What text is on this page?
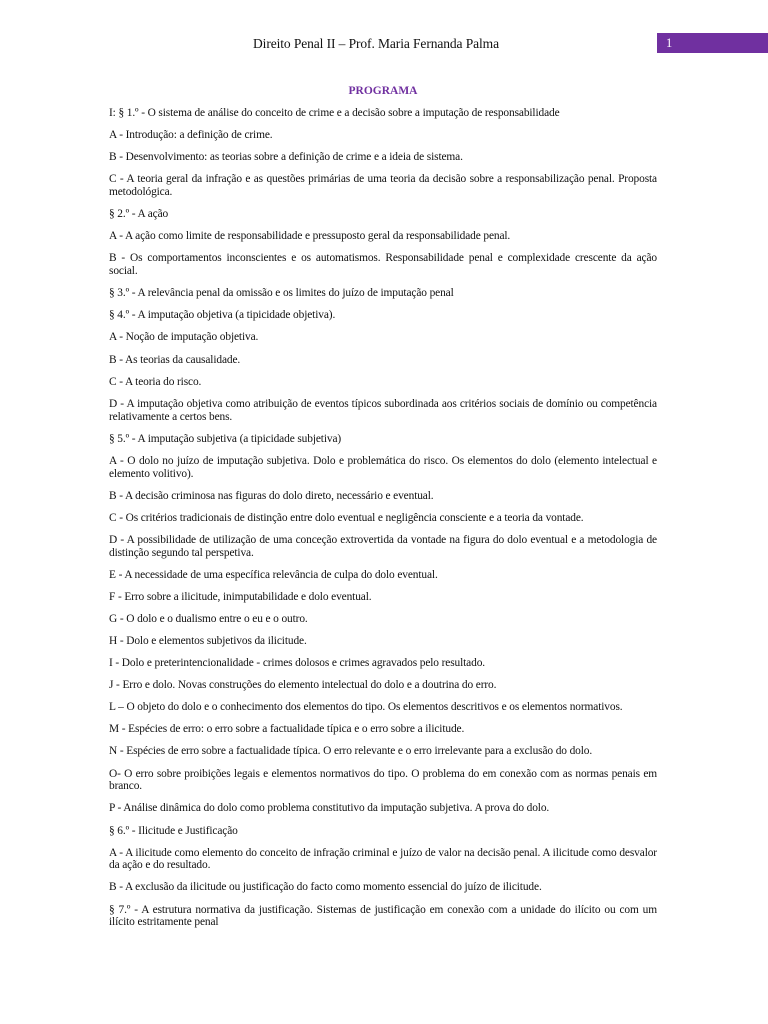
Direito Penal II – Prof. Maria Fernanda Palma	1
PROGRAMA

I: § 1.º - O sistema de análise do conceito de crime e a decisão sobre a imputação de responsabilidade

A - Introdução: a definição de crime.

B - Desenvolvimento: as teorias sobre a definição de crime e a ideia de sistema.

C - A teoria geral da infração e as questões primárias de uma teoria da decisão sobre a responsabilização penal. Proposta metodológica.

§ 2.º - A ação

A - A ação como limite de responsabilidade e pressuposto geral da responsabilidade penal.

B - Os comportamentos inconscientes e os automatismos. Responsabilidade penal e complexidade crescente da ação social.

§ 3.º - A relevância penal da omissão e os limites do juízo de imputação penal

§ 4.º - A imputação objetiva (a tipicidade objetiva).

A - Noção de imputação objetiva.

B - As teorias da causalidade.

C - A teoria do risco.

D - A imputação objetiva como atribuição de eventos típicos subordinada aos critérios sociais de domínio ou competência relativamente a certos bens.

§ 5.º - A imputação subjetiva (a tipicidade subjetiva)

A - O dolo no juízo de imputação subjetiva. Dolo e problemática do risco. Os elementos do dolo (elemento intelectual e elemento volitivo).

B - A decisão criminosa nas figuras do dolo direto, necessário e eventual.

C - Os critérios tradicionais de distinção entre dolo eventual e negligência consciente e a teoria da vontade.

D - A possibilidade de utilização de uma conceção extrovertida da vontade na figura do dolo eventual e a metodologia de distinção segundo tal perspetiva.

E - A necessidade de uma específica relevância de culpa do dolo eventual.

F - Erro sobre a ilicitude, inimputabilidade e dolo eventual.

G - O dolo e o dualismo entre o eu e o outro.

H - Dolo e elementos subjetivos da ilicitude.

I - Dolo e preterintencionalidade - crimes dolosos e crimes agravados pelo resultado.

J - Erro e dolo. Novas construções do elemento intelectual do dolo e a doutrina do erro.

L – O objeto do dolo e o conhecimento dos elementos do tipo. Os elementos descritivos e os elementos normativos.

M - Espécies de erro: o erro sobre a factualidade típica e o erro sobre a ilicitude.

N - Espécies de erro sobre a factualidade típica. O erro relevante e o erro irrelevante para a exclusão do dolo.

O- O erro sobre proibições legais e elementos normativos do tipo. O problema do em conexão com as normas penais em branco.

P - Análise dinâmica do dolo como problema constitutivo da imputação subjetiva. A prova do dolo.

§ 6.º - Ilicitude e Justificação

A - A ilicitude como elemento do conceito de infração criminal e juízo de valor na decisão penal. A ilicitude como desvalor da ação e do resultado.

B - A exclusão da ilicitude ou justificação do facto como momento essencial do juízo de ilicitude.

§ 7.º - A estrutura normativa da justificação. Sistemas de justificação em conexão com a unidade do ilícito ou com um ilícito estritamente penal
